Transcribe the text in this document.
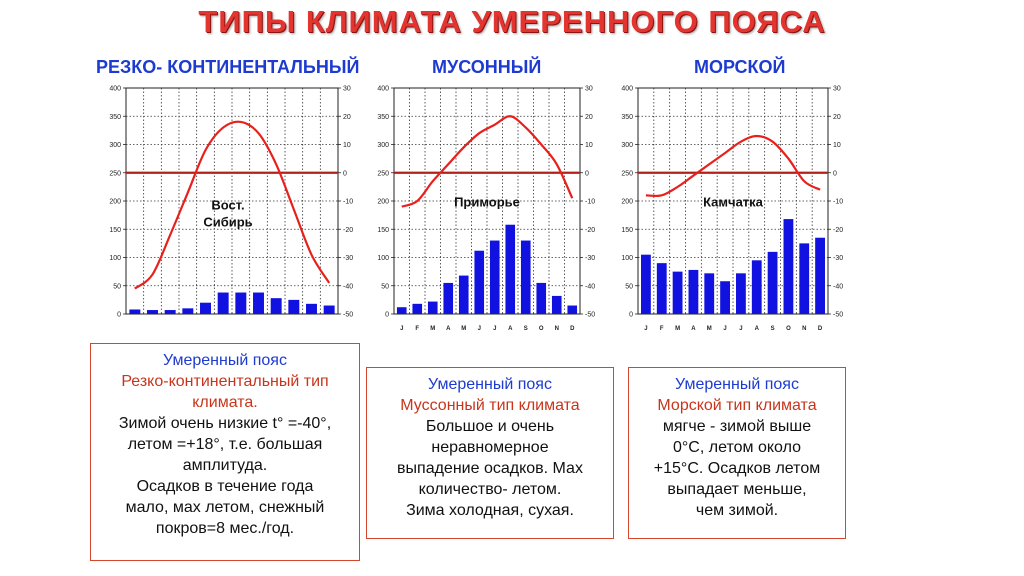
ТИПЫ КЛИМАТА УМЕРЕННОГО ПОЯСА
РЕЗКО- КОНТИНЕНТАЛЬНЫЙ	МУСОННЫЙ	МОРСКОЙ
0
50
100
150
200
250
300
350
400
-50
-40
-30
-20
-10
0
10
20
30
Вост.
Сибирь
0
50
100
150
200
250
300
350
400
-50
-40
-30
-20
-10
0
10
20
30
Приморье
J F M A M J J A S O N D
0
50
100
150
200
250
300
350
400
-50
-40
-30
-20
-10
0
10
20
30
Камчатка
J F M A M J J A S O N D
Умеренный пояс
Резко-континентальный тип
климата.
Зимой очень низкие t° =-40°,
летом =+18°, т.е. большая
амплитуда.
Осадков в течение года
мало, мах летом, снежный
покров=8 мес./год.
Умеренный пояс
Муссонный тип климата
Большое и очень
неравномерное
выпадение осадков. Мах
количество- летом.
Зима холодная, сухая.
Умеренный пояс
Морской тип климата
мягче - зимой выше
0°С, летом около
+15°С. Осадков летом
выпадает меньше,
чем зимой.
